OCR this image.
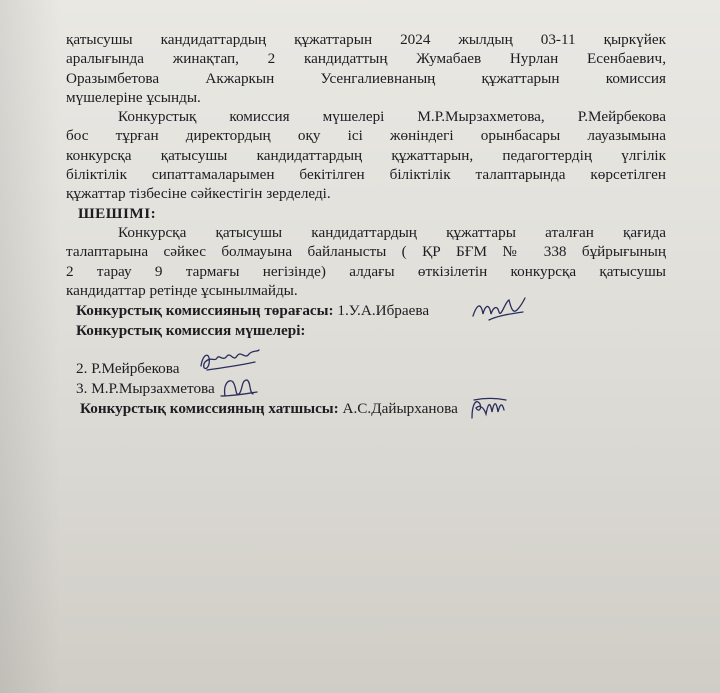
қатысушы кандидаттардың құжаттарын 2024 жылдың 03-11 қыркүйек
аралығында жинақтап, 2 кандидаттың Жумабаев Нурлан Есенбаевич,
Оразымбетова Акжаркын Усенгалиевнаның құжаттарын комиссия
мүшелеріне ұсынды.
Конкурстық комиссия мүшелері М.Р.Мырзахметова, Р.Мейрбекова
бос тұрған директордың оқу ісі жөніндегі орынбасары лауазымына
конкурсқа қатысушы кандидаттардың құжаттарын, педагогтердің үлгілік
біліктілік сипаттамаларымен бекітілген біліктілік талаптарында көрсетілген
құжаттар тізбесіне сәйкестігін зерделеді.
ШЕШІМІ:
Конкурсқа қатысушы кандидаттардың құжаттары аталған қағида
талаптарына сәйкес болмауына байланысты ( ҚР БҒМ № 338 бұйрығының
2 тарау 9 тармағы негізінде) алдағы өткізілетін конкурсқа қатысушы
кандидаттар ретінде ұсынылмайды.
Конкурстық комиссияның төрағасы:
1.У.А.Ибраева
Конкурстық комиссия мүшелері:
2. Р.Мейрбекова
3. М.Р.Мырзахметова
Конкурстық комиссияның хатшысы:
А.С.Дайырханова
